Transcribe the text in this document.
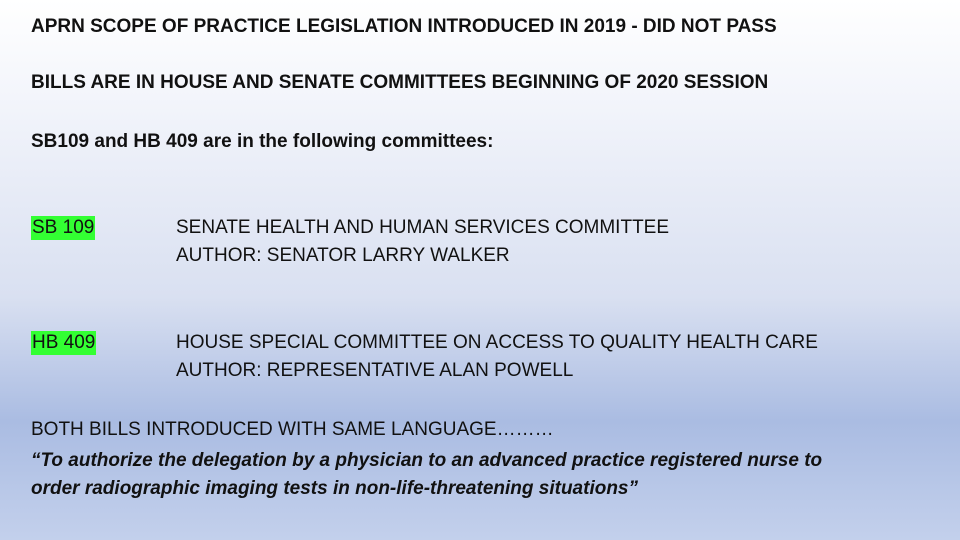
APRN SCOPE OF PRACTICE LEGISLATION INTRODUCED IN 2019 - DID NOT PASS
BILLS ARE IN HOUSE AND SENATE COMMITTEES BEGINNING OF 2020 SESSION
SB109 and HB 409 are in the following committees:
SB 109	SENATE HEALTH AND HUMAN SERVICES COMMITTEE
AUTHOR: SENATOR LARRY WALKER
HB 409	HOUSE SPECIAL COMMITTEE ON ACCESS TO QUALITY HEALTH CARE
AUTHOR: REPRESENTATIVE ALAN POWELL
BOTH BILLS INTRODUCED WITH SAME LANGUAGE………
“To authorize the delegation by a physician to an advanced practice registered nurse to
order radiographic imaging tests in non-life-threatening situations”
